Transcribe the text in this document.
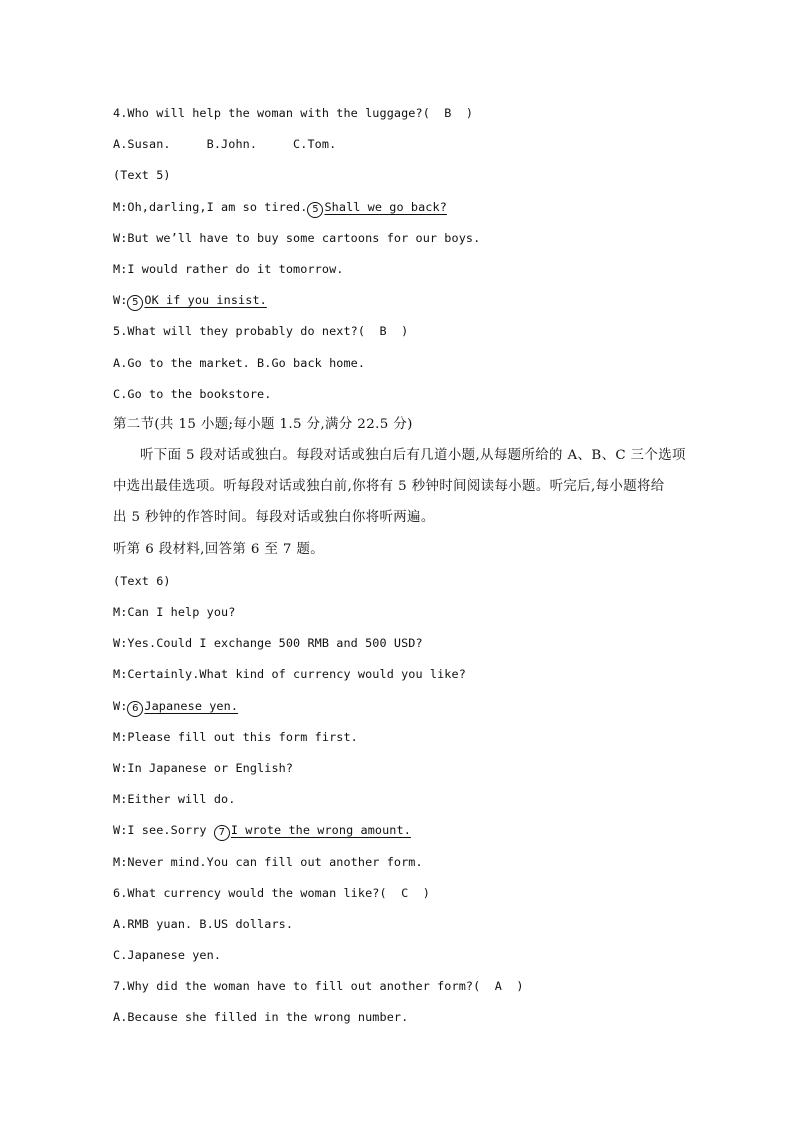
4.Who will help the woman with the luggage?(  B  )
A.Susan.     B.John.     C.Tom.
(Text 5)
M:Oh,darling,I am so tired. 5 Shall we go back?
W:But we’ll have to buy some cartoons for our boys.
M:I would rather do it tomorrow.
W: 5 OK if you insist.
5.What will they probably do next?(  B  )
A.Go to the market. B.Go back home.
C.Go to the bookstore.
第二节(共 15 小题;每小题 1.5 分,满分 22.5 分)
听下面 5 段对话或独白。每段对话或独白后有几道小题,从每题所给的 A、B、C 三个选项
中选出最佳选项。听每段对话或独白前,你将有 5 秒钟时间阅读每小题。听完后,每小题将给
出 5 秒钟的作答时间。每段对话或独白你将听两遍。
听第 6 段材料,回答第 6 至 7 题。
(Text 6)
M:Can I help you?
W:Yes.Could I exchange 500 RMB and 500 USD?
M:Certainly.What kind of currency would you like?
W: 6 Japanese yen.
M:Please fill out this form first.
W:In Japanese or English?
M:Either will do.
W:I see.Sorry 7 I wrote the wrong amount.
M:Never mind.You can fill out another form.
6.What currency would the woman like?(  C  )
A.RMB yuan. B.US dollars.
C.Japanese yen.
7.Why did the woman have to fill out another form?(  A  )
A.Because she filled in the wrong number.
